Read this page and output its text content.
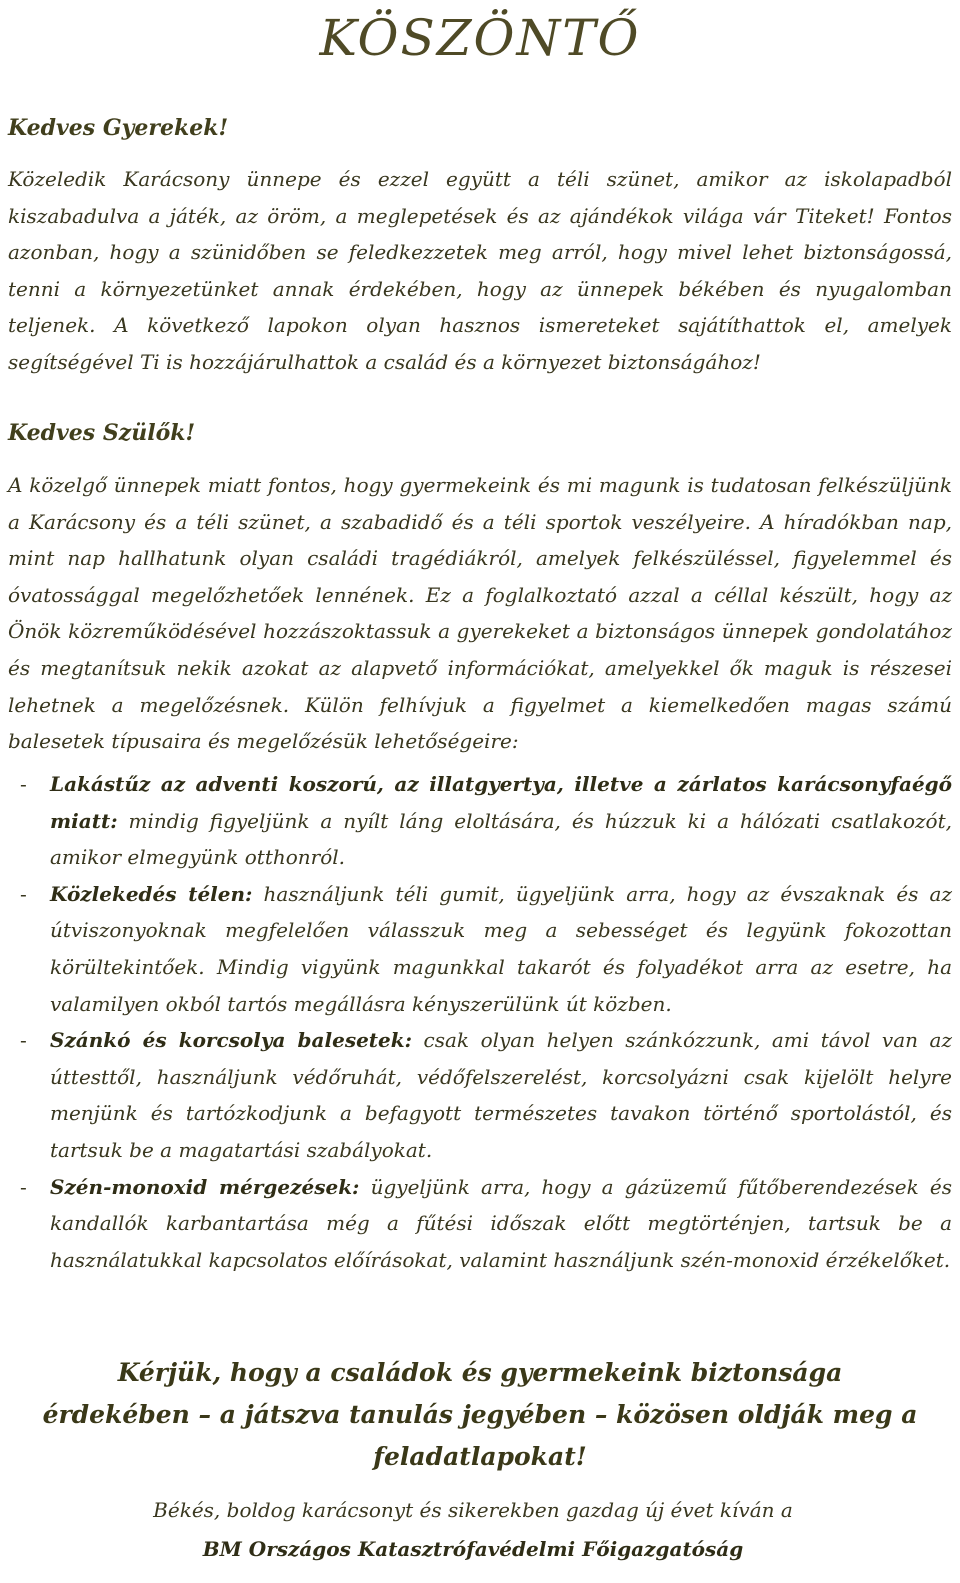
KÖSZÖNTŐ
Kedves Gyerekek!

Közeledik Karácsony ünnepe és ezzel együtt a téli szünet, amikor az iskolapadból kiszabadulva a játék, az öröm, a meglepetések és az ajándékok világa vár Titeket! Fontos azonban, hogy a szünidőben se feledkezzetek meg arról, hogy mivel lehet biztonságossá, tenni a környezetünket annak érdekében, hogy az ünnepek békében és nyugalomban teljenek. A következő lapokon olyan hasznos ismereteket sajátíthattok el, amelyek segítségével Ti is hozzájárulhattok a család és a környezet biztonságához!

Kedves Szülők!

A közelgő ünnepek miatt fontos, hogy gyermekeink és mi magunk is tudatosan felkészüljünk a Karácsony és a téli szünet, a szabadidő és a téli sportok veszélyeire. A híradókban nap, mint nap hallhatunk olyan családi tragédiákról, amelyek felkészüléssel, figyelemmel és óvatossággal megelőzhetőek lennének. Ez a foglalkoztató azzal a céllal készült, hogy az Önök közreműködésével hozzászoktassuk a gyerekeket a biztonságos ünnepek gondolatához és megtanítsuk nekik azokat az alapvető információkat, amelyekkel ők maguk is részesei lehetnek a megelőzésnek. Külön felhívjuk a figyelmet a kiemelkedően magas számú balesetek típusaira és megelőzésük lehetőségeire:

- Lakástűz az adventi koszorú, az illatgyertya, illetve a zárlatos karácsonyfaégő miatt: mindig figyeljünk a nyílt láng eloltására, és húzzuk ki a hálózati csatlakozót, amikor elmegyünk otthonról.
- Közlekedés télen: használjunk téli gumit, ügyeljünk arra, hogy az évszaknak és az útviszonyoknak megfelelően válasszuk meg a sebességet és legyünk fokozottan körültekintőek. Mindig vigyünk magunkkal takarót és folyadékot arra az esetre, ha valamilyen okból tartós megállásra kényszerülünk út közben.
- Szánkó és korcsolya balesetek: csak olyan helyen szánkózzunk, ami távol van az úttesttől, használjunk védőruhát, védőfelszerelést, korcsolyázni csak kijelölt helyre menjünk és tartózkodjunk a befagyott természetes tavakon történő sportolástól, és tartsuk be a magatartási szabályokat.
- Szén-monoxid mérgezések: ügyeljünk arra, hogy a gázüzemű fűtőberendezések és kandallók karbantartása még a fűtési időszak előtt megtörténjen, tartsuk be a használatukkal kapcsolatos előírásokat, valamint használjunk szén-monoxid érzékelőket.
Kérjük, hogy a családok és gyermekeink biztonsága érdekében – a játszva tanulás jegyében – közösen oldják meg a feladatlapokat!
Békés, boldog karácsonyt és sikerekben gazdag új évet kíván a
BM Országos Katasztrófavédelmi Főigazgatóság
